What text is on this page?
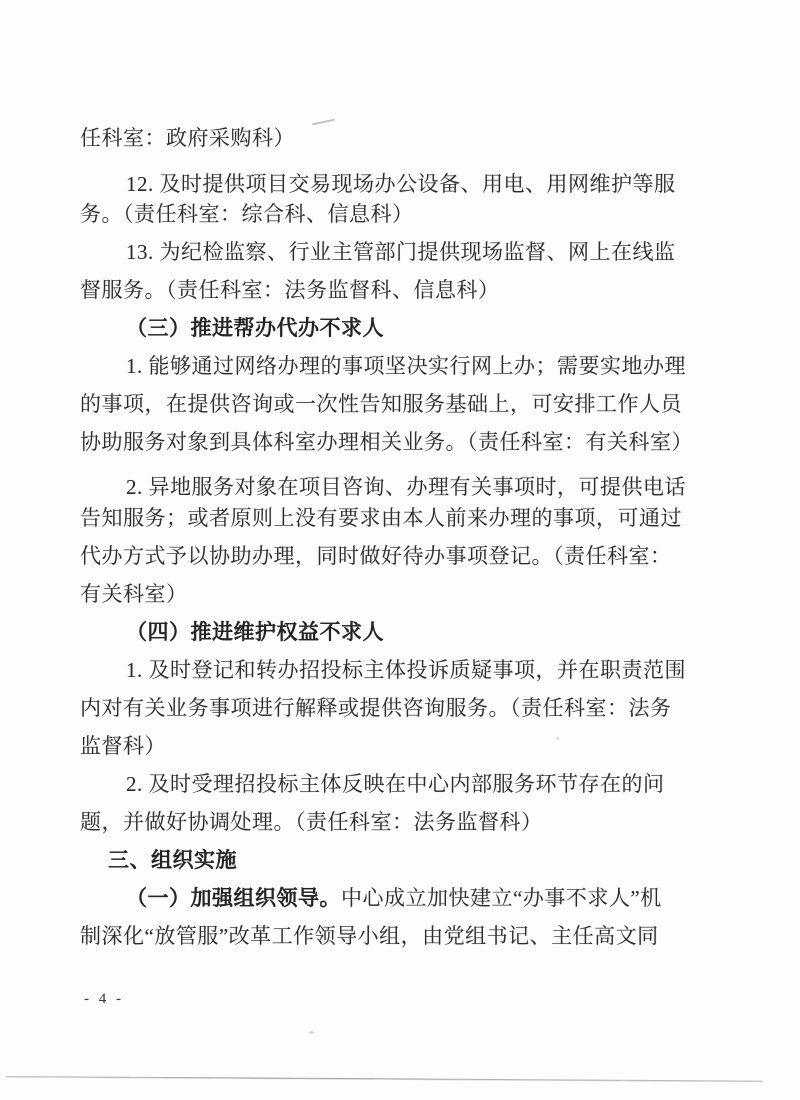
任科室：政府采购科）
12. 及时提供项目交易现场办公设备、用电、用网维护等服
务。（责任科室：综合科、信息科）
13. 为纪检监察、行业主管部门提供现场监督、网上在线监
督服务。（责任科室：法务监督科、信息科）
（三）推进帮办代办不求人
1. 能够通过网络办理的事项坚决实行网上办；需要实地办理
的事项，在提供咨询或一次性告知服务基础上，可安排工作人员
协助服务对象到具体科室办理相关业务。（责任科室：有关科室）
2. 异地服务对象在项目咨询、办理有关事项时，可提供电话
告知服务；或者原则上没有要求由本人前来办理的事项，可通过
代办方式予以协助办理，同时做好待办事项登记。（责任科室：
有关科室）
（四）推进维护权益不求人
1. 及时登记和转办招投标主体投诉质疑事项，并在职责范围
内对有关业务事项进行解释或提供咨询服务。（责任科室：法务
监督科）
2. 及时受理招投标主体反映在中心内部服务环节存在的问
题，并做好协调处理。（责任科室：法务监督科）
三、组织实施
（一）加强组织领导。中心成立加快建立“办事不求人”机
制深化“放管服”改革工作领导小组，由党组书记、主任高文同
- 4 -
